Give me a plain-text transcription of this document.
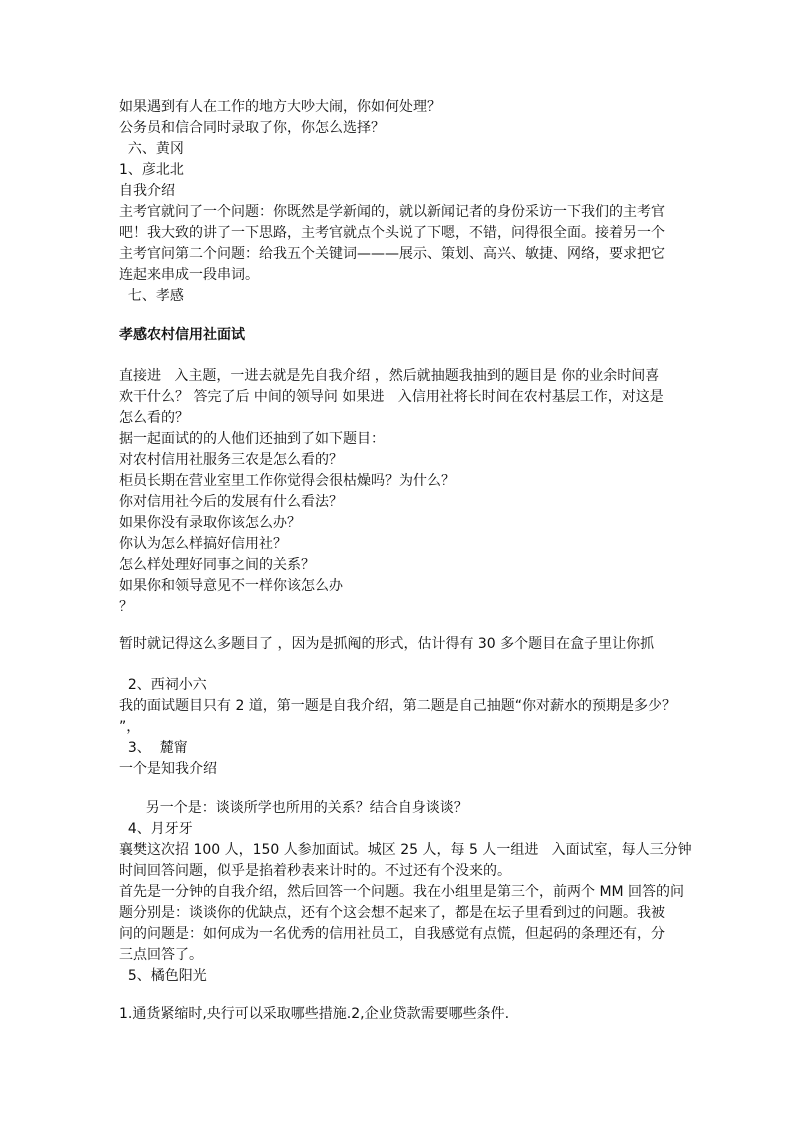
如果遇到有人在工作的地方大吵大闹，你如何处理？
公务员和信合同时录取了你，你怎么选择？
六、黄冈
1、彦北北
自我介绍
主考官就问了一个问题：你既然是学新闻的，就以新闻记者的身份采访一下我们的主考官
吧！我大致的讲了一下思路，主考官就点个头说了下嗯，不错，问得很全面。接着另一个
主考官问第二个问题：给我五个关键词———展示、策划、高兴、敏捷、网络，要求把它
连起来串成一段串词。
七、孝感
孝感农村信用社面试
直接进   入主题，一进去就是先自我介绍 ，然后就抽题我抽到的题目是 你的业余时间喜
欢干什么？ 答完了后 中间的领导问 如果进   入信用社将长时间在农村基层工作，对这是
怎么看的？
据一起面试的的人他们还抽到了如下题目：
对农村信用社服务三农是怎么看的？
柜员长期在营业室里工作你觉得会很枯燥吗？为什么？
你对信用社今后的发展有什么看法？
如果你没有录取你该怎么办？
你认为怎么样搞好信用社？
怎么样处理好同事之间的关系？
如果你和领导意见不一样你该怎么办
？
暂时就记得这么多题目了 ，因为是抓阄的形式，估计得有 30 多个题目在盒子里让你抓
2、西祠小六
我的面试题目只有 2 道，第一题是自我介绍，第二题是自己抽题“你对薪水的预期是多少？
”，
3、  麓甯
一个是知我介绍
另一个是：谈谈所学也所用的关系？结合自身谈谈？
4、月牙牙
襄樊这次招 100 人，150 人参加面试。城区 25 人，每 5 人一组进   入面试室，每人三分钟
时间回答问题，似乎是掐着秒表来计时的。不过还有个没来的。
首先是一分钟的自我介绍，然后回答一个问题。我在小组里是第三个，前两个 MM 回答的问
题分别是：谈谈你的优缺点，还有个这会想不起来了，都是在坛子里看到过的问题。我被
问的问题是：如何成为一名优秀的信用社员工，自我感觉有点慌，但起码的条理还有，分
三点回答了。
5、橘色阳光
1.通货紧缩时,央行可以采取哪些措施.2,企业贷款需要哪些条件.
